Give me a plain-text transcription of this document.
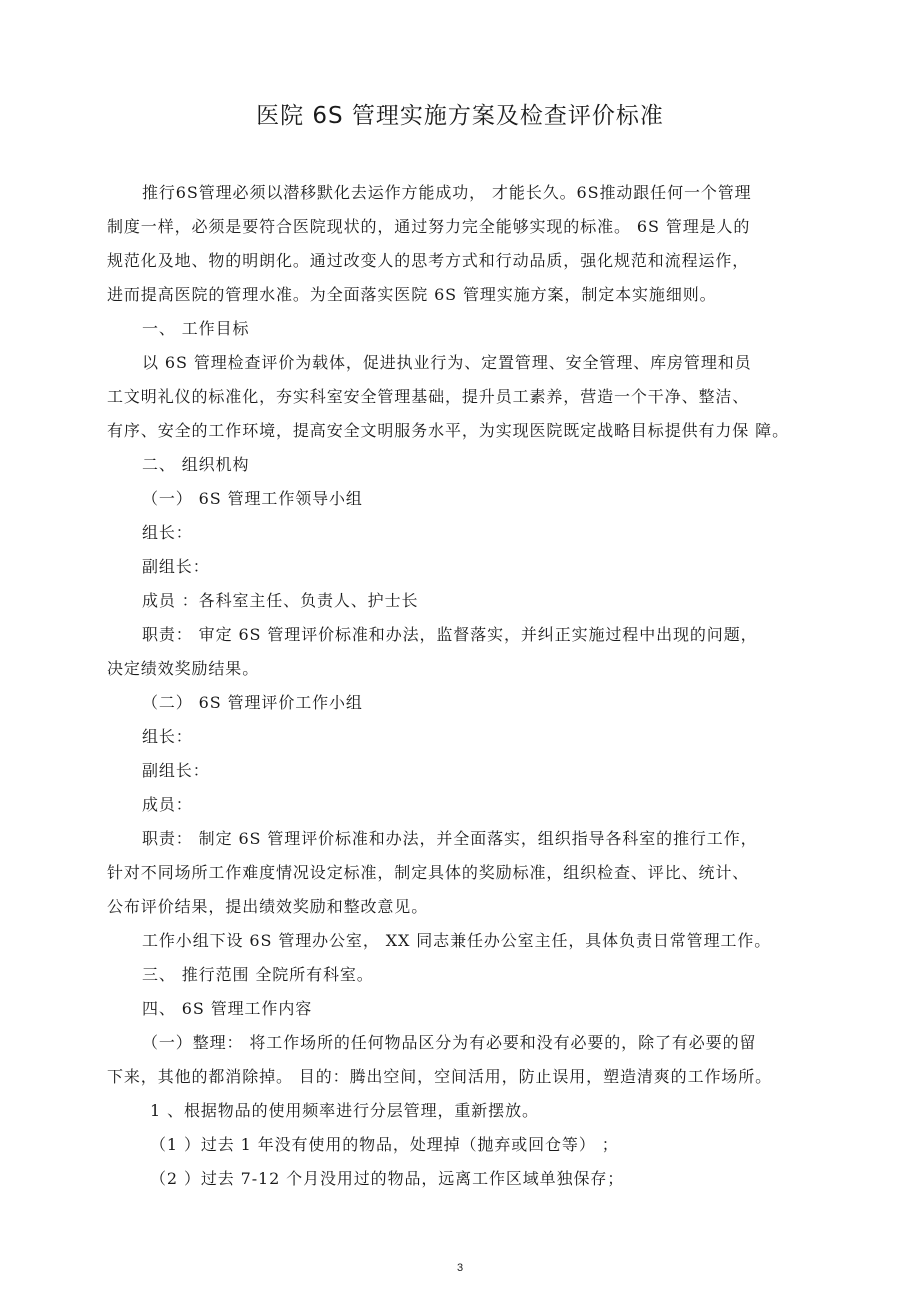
医院 6S 管理实施方案及检查评价标准
推行6S管理必须以潜移默化去运作方能成功， 才能长久。6S推动跟任何一个管理
制度一样，必须是要符合医院现状的，通过努力完全能够实现的标准。 6S 管理是人的
规范化及地、物的明朗化。通过改变人的思考方式和行动品质，强化规范和流程运作，
进而提高医院的管理水准。为全面落实医院 6S 管理实施方案，制定本实施细则。
一、 工作目标
以 6S 管理检查评价为载体，促进执业行为、定置管理、安全管理、库房管理和员
工文明礼仪的标准化，夯实科室安全管理基础，提升员工素养，营造一个干净、整洁、
有序、安全的工作环境，提高安全文明服务水平，为实现医院既定战略目标提供有力保 障。
二、 组织机构
（一） 6S 管理工作领导小组
组长：
副组长：
成员 ：各科室主任、负责人、护士长
职责： 审定 6S 管理评价标准和办法，监督落实，并纠正实施过程中出现的问题，
决定绩效奖励结果。
（二） 6S 管理评价工作小组
组长：
副组长：
成员：
职责： 制定 6S 管理评价标准和办法，并全面落实，组织指导各科室的推行工作，
针对不同场所工作难度情况设定标准，制定具体的奖励标准，组织检查、评比、统计、
公布评价结果，提出绩效奖励和整改意见。
工作小组下设 6S 管理办公室， XX 同志兼任办公室主任，具体负责日常管理工作。
三、 推行范围 全院所有科室。
四、 6S 管理工作内容
（一）整理： 将工作场所的任何物品区分为有必要和没有必要的，除了有必要的留
下来，其他的都消除掉。 目的：腾出空间，空间活用，防止误用，塑造清爽的工作场所。
1 、根据物品的使用频率进行分层管理，重新摆放。
（1 ）过去 1 年没有使用的物品，处理掉（抛弃或回仓等） ；
（2 ）过去 7-12 个月没用过的物品，远离工作区域单独保存；
3
